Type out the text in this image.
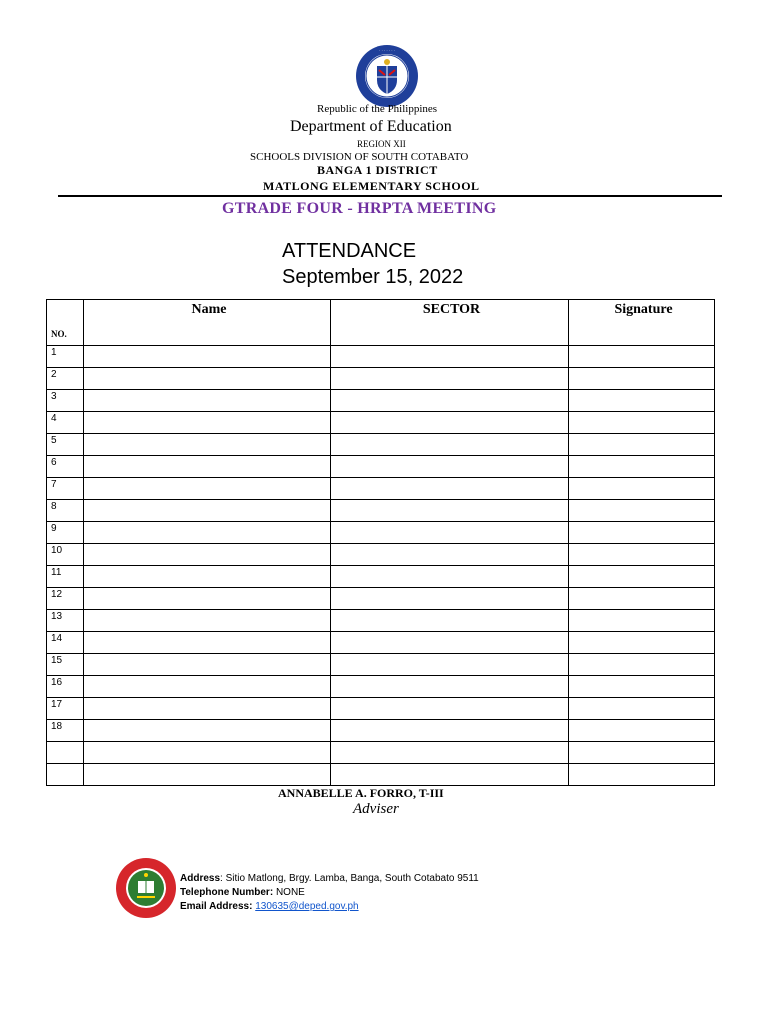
· · · · · · ·
Republic of the Philippines
Department of Education
REGION XII
SCHOOLS DIVISION OF SOUTH COTABATO
BANGA 1 DISTRICT
MATLONG ELEMENTARY SCHOOL
GTRADE FOUR - HRPTA MEETING
ATTENDANCE
September 15, 2022
NO.	Name	SECTOR	Signature
1			
2			
3			
4			
5			
6			
7			
8			
9			
10			
11			
12			
13			
14			
15			
16			
17			
18			

ANNABELLE A. FORRO, T-III
Adviser
Address: Sitio Matlong, Brgy. Lamba, Banga, South Cotabato 9511
Telephone Number: NONE
Email Address: 130635@deped.gov.ph
